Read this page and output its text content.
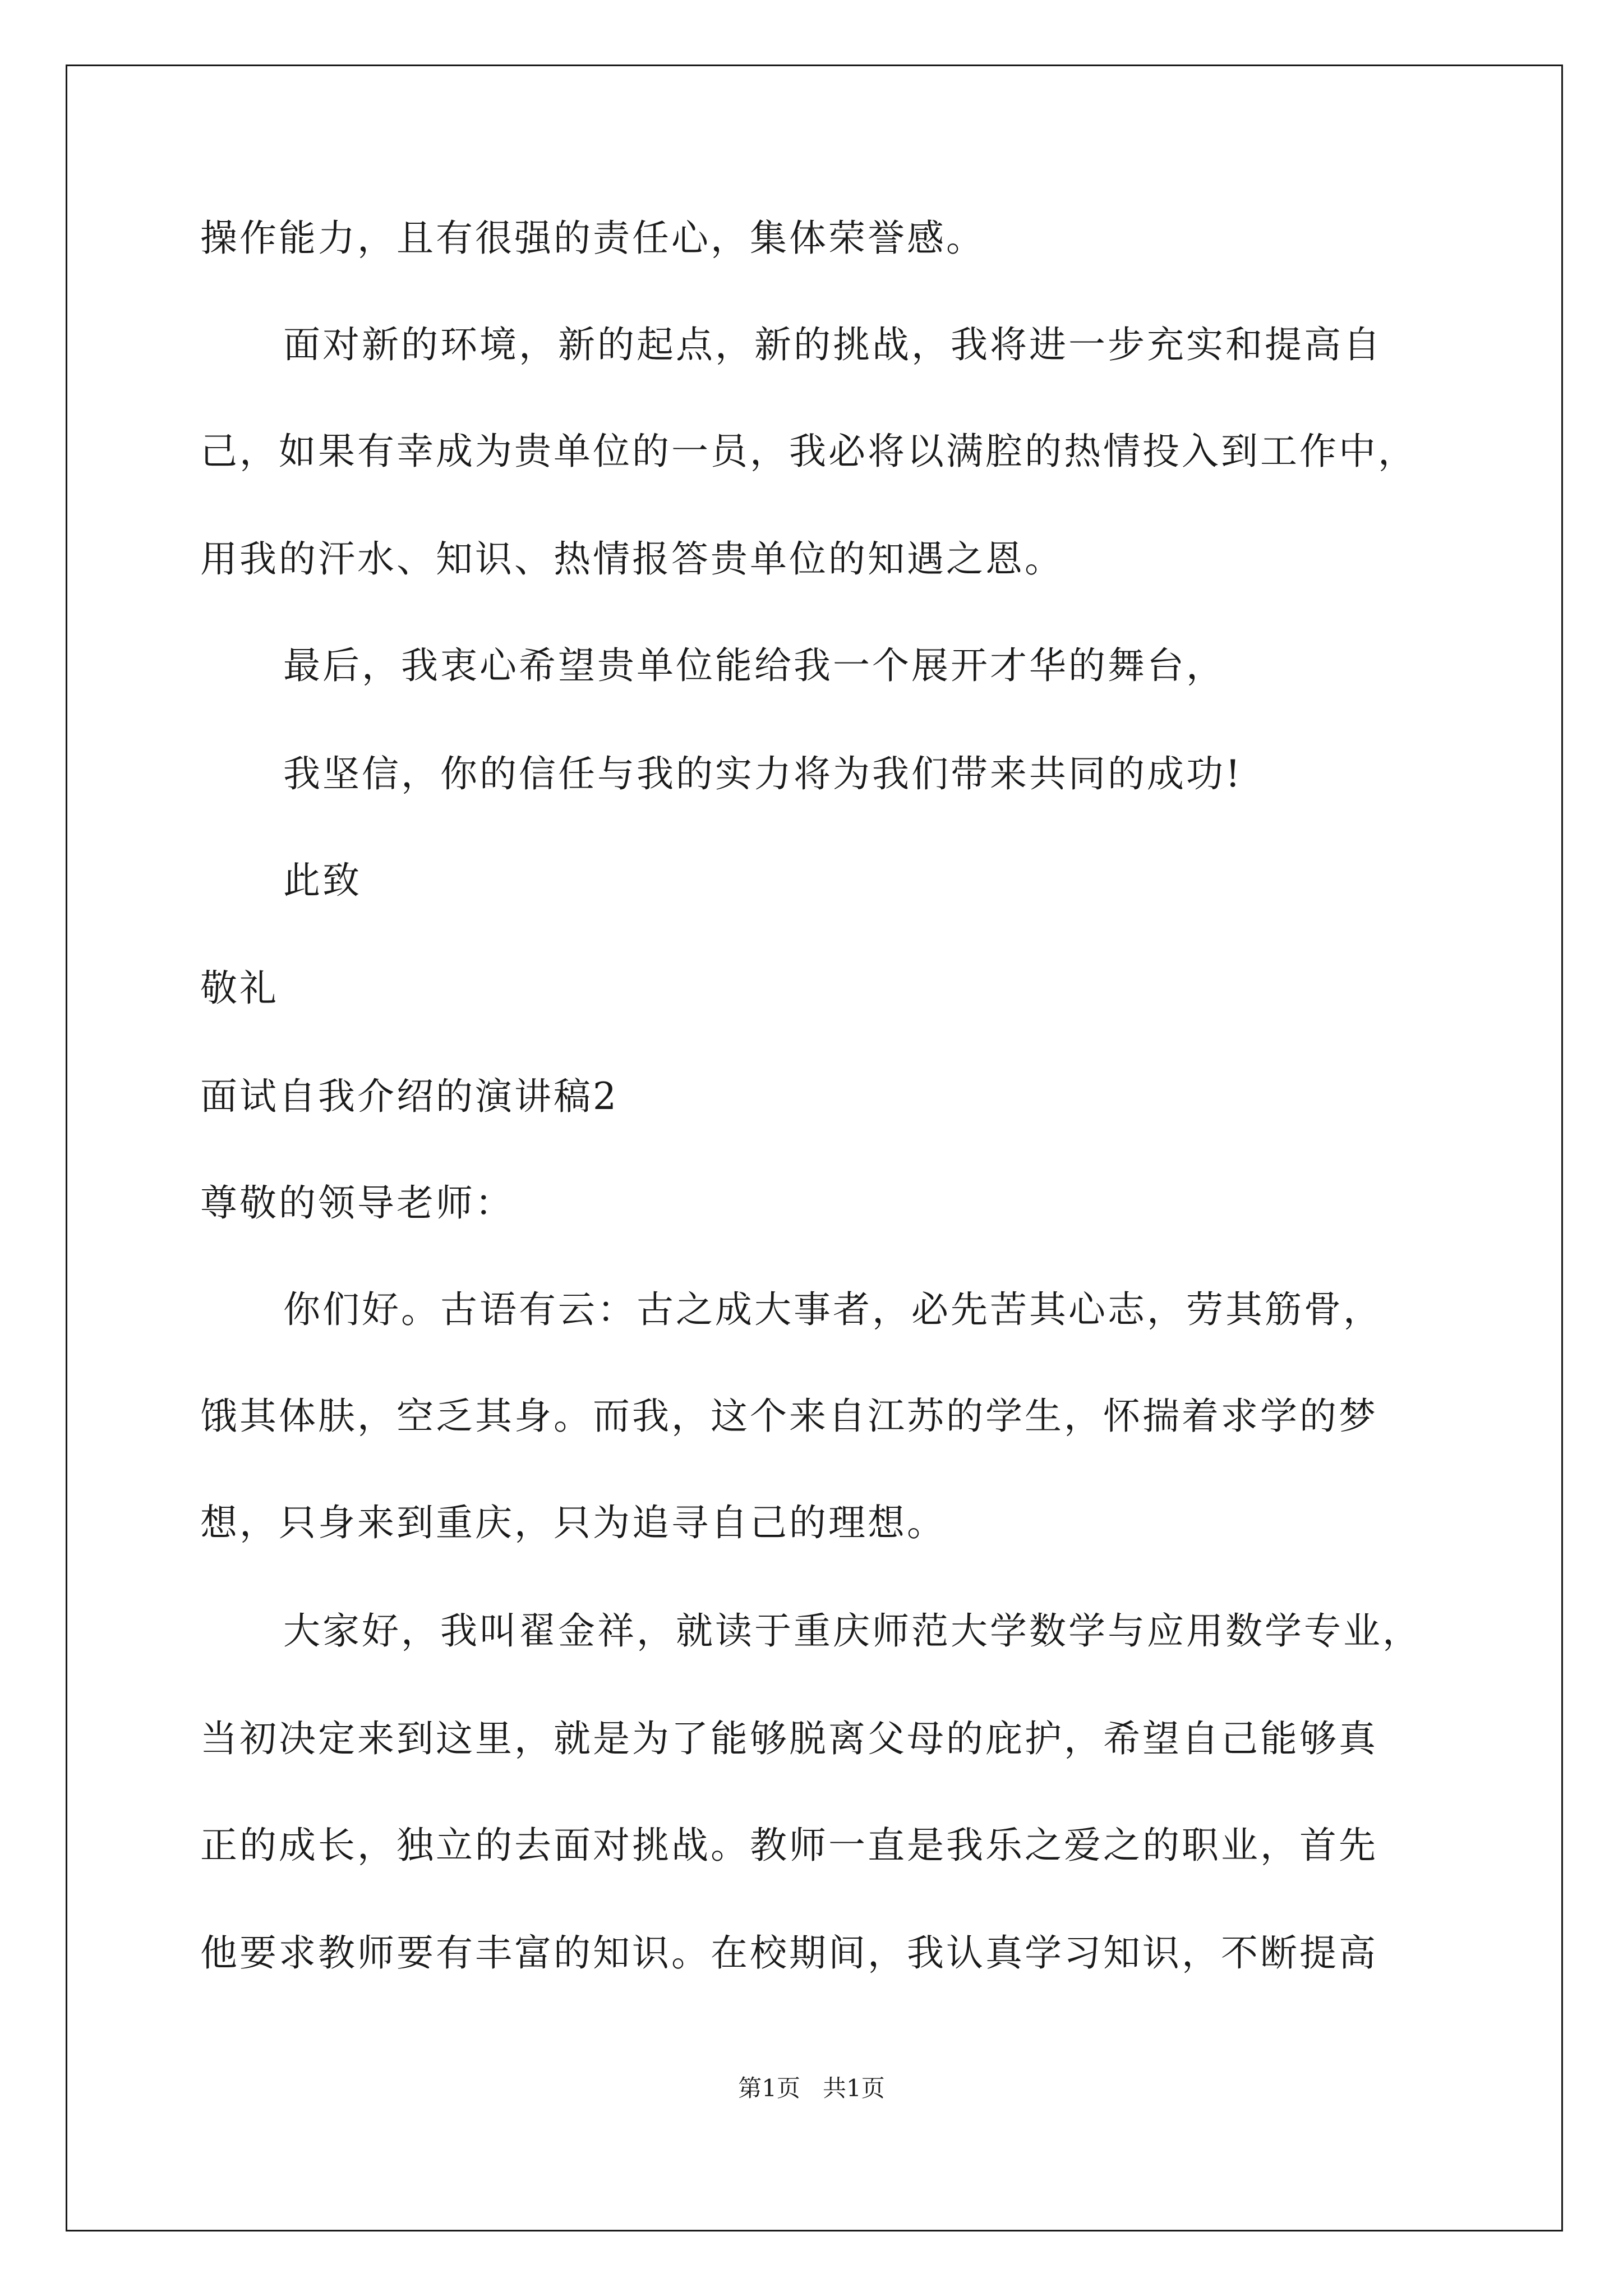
操作能力，且有很强的责任心，集体荣誉感。
面对新的环境，新的起点，新的挑战，我将进一步充实和提高自
己，如果有幸成为贵单位的一员，我必将以满腔的热情投入到工作中，
用我的汗水、知识、热情报答贵单位的知遇之恩。
最后，我衷心希望贵单位能给我一个展开才华的舞台，
我坚信，你的信任与我的实力将为我们带来共同的成功!
此致
敬礼
面试自我介绍的演讲稿2
尊敬的领导老师：
你们好。古语有云：古之成大事者，必先苦其心志，劳其筋骨，
饿其体肤，空乏其身。而我，这个来自江苏的学生，怀揣着求学的梦
想，只身来到重庆，只为追寻自己的理想。
大家好，我叫翟金祥，就读于重庆师范大学数学与应用数学专业，
当初决定来到这里，就是为了能够脱离父母的庇护，希望自己能够真
正的成长，独立的去面对挑战。教师一直是我乐之爱之的职业，首先
他要求教师要有丰富的知识。在校期间，我认真学习知识，不断提高
第1页   共1页
